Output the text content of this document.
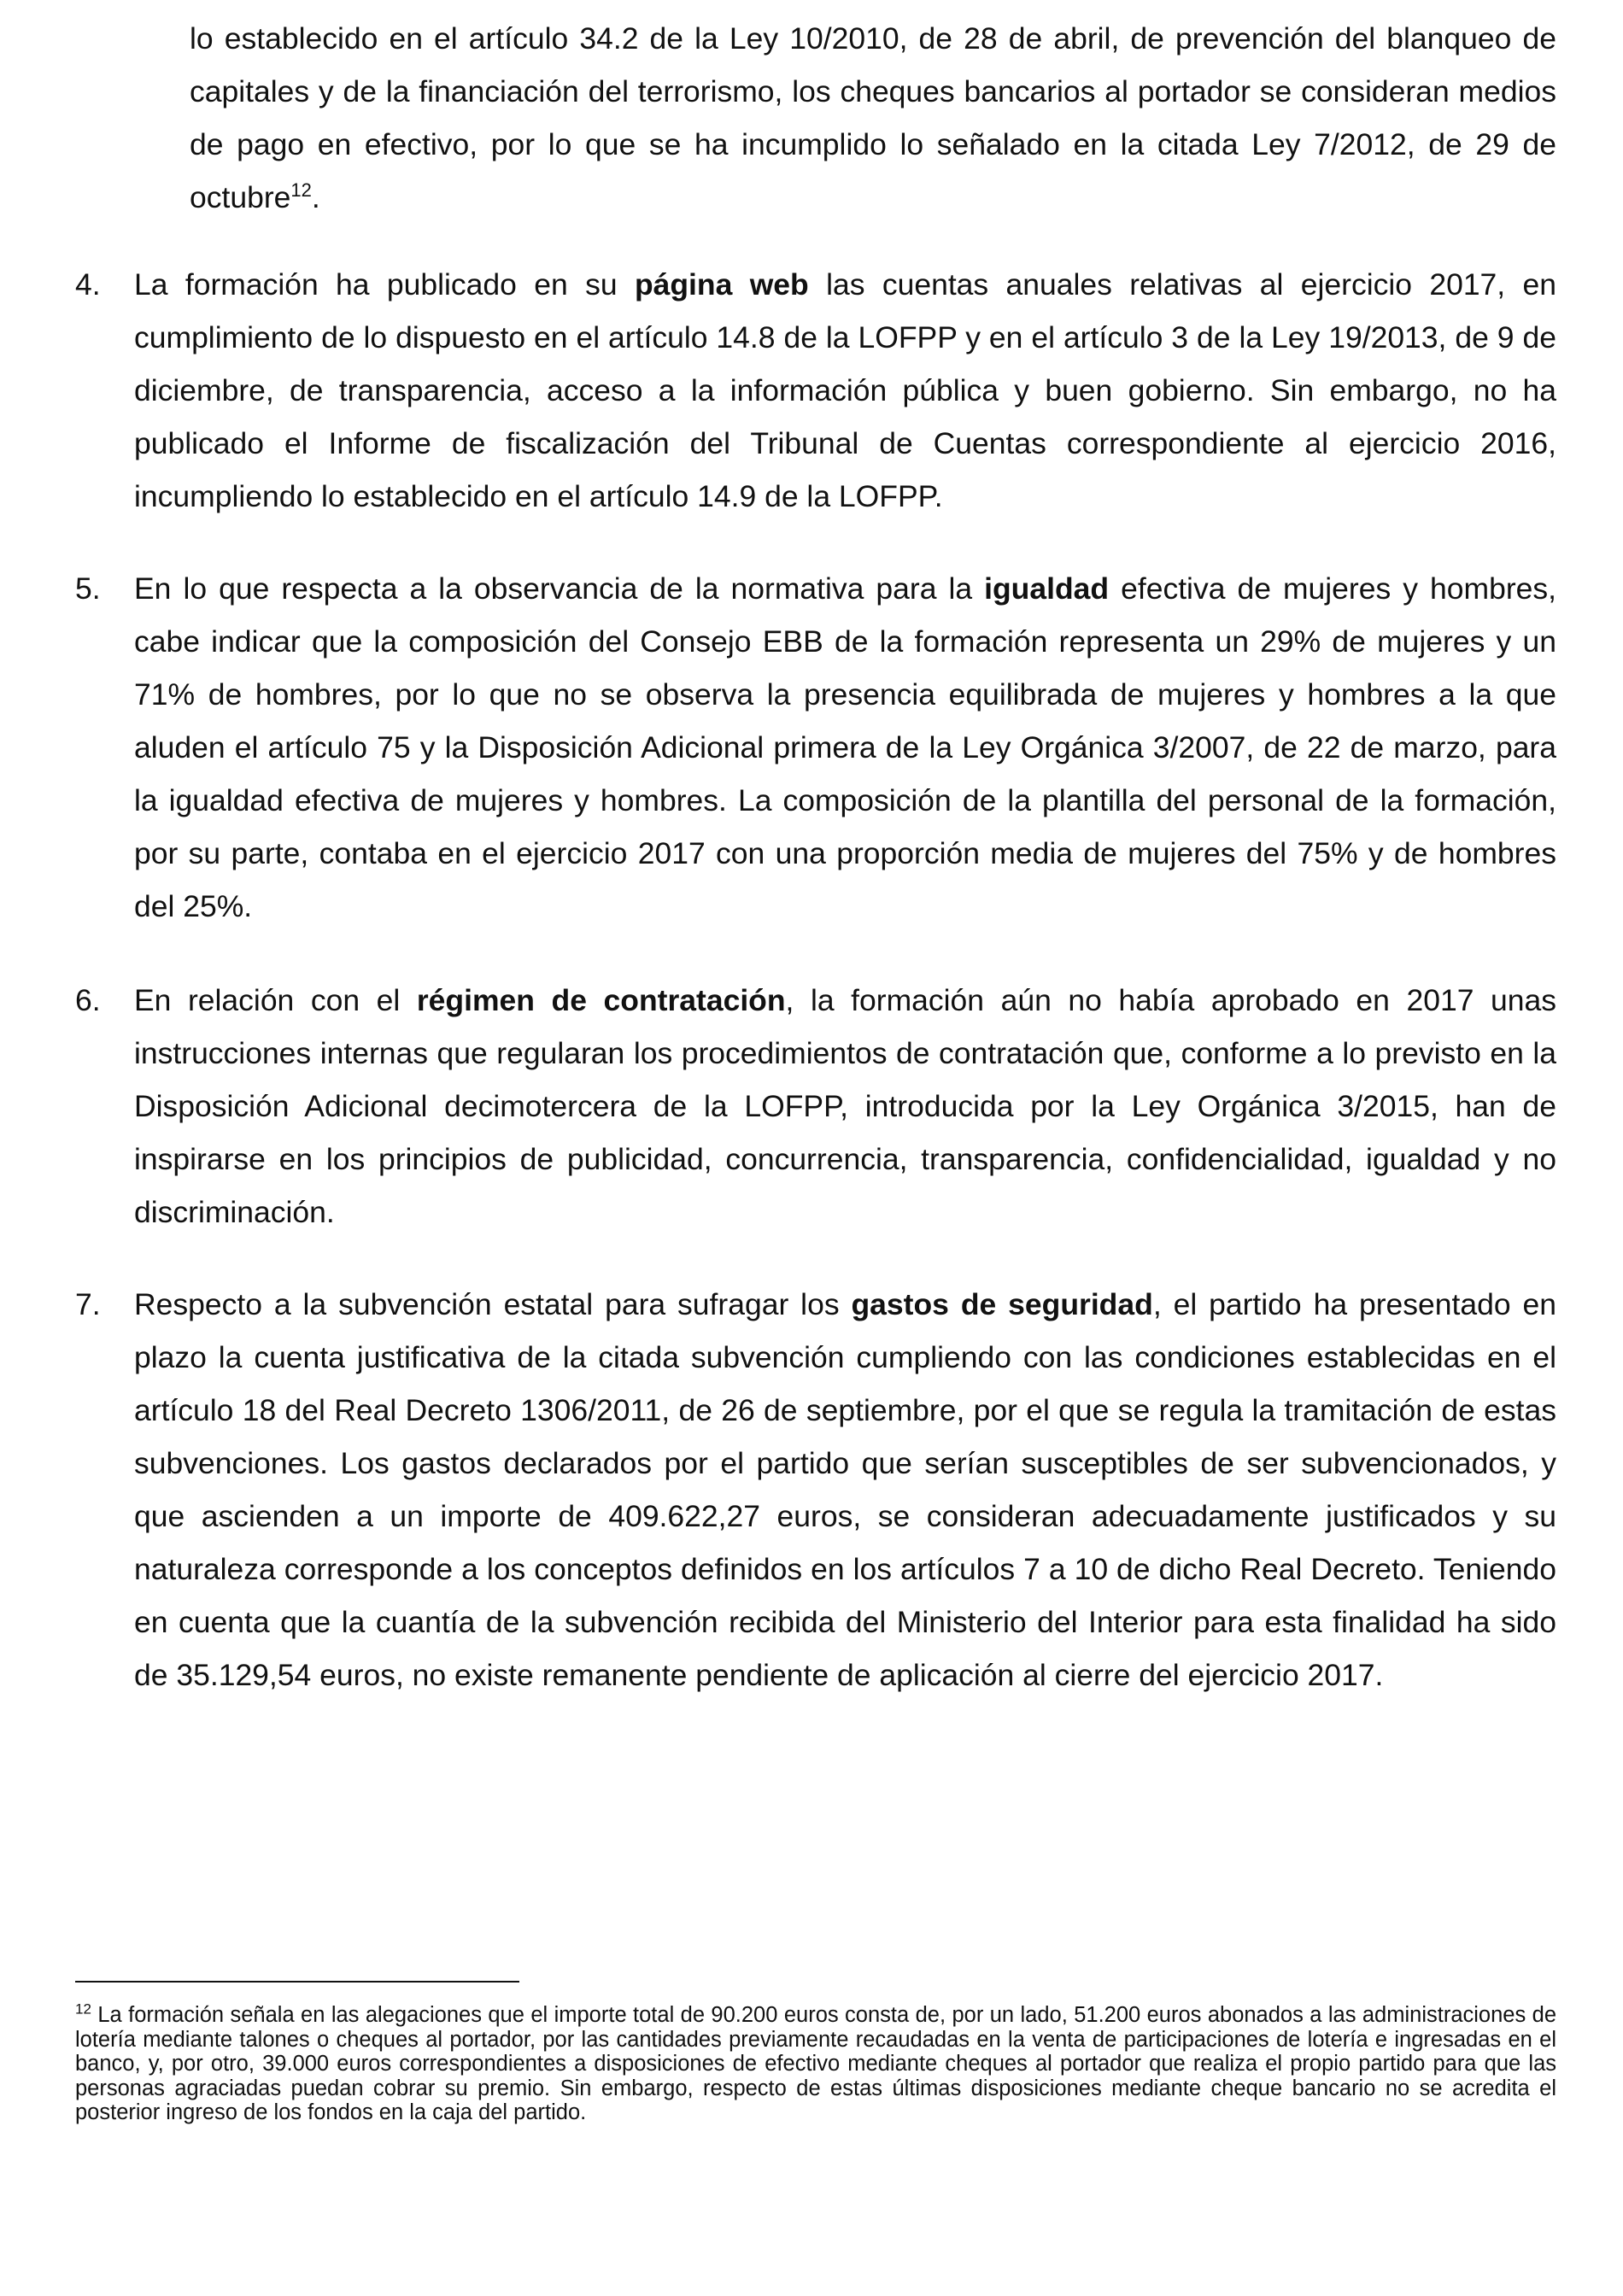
lo establecido en el artículo 34.2 de la Ley 10/2010, de 28 de abril, de prevención del blanqueo de capitales y de la financiación del terrorismo, los cheques bancarios al portador se consideran medios de pago en efectivo, por lo que se ha incumplido lo señalado en la citada Ley 7/2012, de 29 de octubre$^{12}$.

4. La formación ha publicado en su página web las cuentas anuales relativas al ejercicio 2017, en cumplimiento de lo dispuesto en el artículo 14.8 de la LOFPP y en el artículo 3 de la Ley 19/2013, de 9 de diciembre, de transparencia, acceso a la información pública y buen gobierno. Sin embargo, no ha publicado el Informe de fiscalización del Tribunal de Cuentas correspondiente al ejercicio 2016, incumpliendo lo establecido en el artículo 14.9 de la LOFPP.

5. En lo que respecta a la observancia de la normativa para la igualdad efectiva de mujeres y hombres, cabe indicar que la composición del Consejo EBB de la formación representa un 29% de mujeres y un 71% de hombres, por lo que no se observa la presencia equilibrada de mujeres y hombres a la que aluden el artículo 75 y la Disposición Adicional primera de la Ley Orgánica 3/2007, de 22 de marzo, para la igualdad efectiva de mujeres y hombres. La composición de la plantilla del personal de la formación, por su parte, contaba en el ejercicio 2017 con una proporción media de mujeres del 75% y de hombres del 25%.

6. En relación con el régimen de contratación, la formación aún no había aprobado en 2017 unas instrucciones internas que regularan los procedimientos de contratación que, conforme a lo previsto en la Disposición Adicional decimotercera de la LOFPP, introducida por la Ley Orgánica 3/2015, han de inspirarse en los principios de publicidad, concurrencia, transparencia, confidencialidad, igualdad y no discriminación.

7. Respecto a la subvención estatal para sufragar los gastos de seguridad, el partido ha presentado en plazo la cuenta justificativa de la citada subvención cumpliendo con las condiciones establecidas en el artículo 18 del Real Decreto 1306/2011, de 26 de septiembre, por el que se regula la tramitación de estas subvenciones. Los gastos declarados por el partido que serían susceptibles de ser subvencionados, y que ascienden a un importe de 409.622,27 euros, se consideran adecuadamente justificados y su naturaleza corresponde a los conceptos definidos en los artículos 7 a 10 de dicho Real Decreto. Teniendo en cuenta que la cuantía de la subvención recibida del Ministerio del Interior para esta finalidad ha sido de 35.129,54 euros, no existe remanente pendiente de aplicación al cierre del ejercicio 2017.

$^{12}$ La formación señala en las alegaciones que el importe total de 90.200 euros consta de, por un lado, 51.200 euros abonados a las administraciones de lotería mediante talones o cheques al portador, por las cantidades previamente recaudadas en la venta de participaciones de lotería e ingresadas en el banco, y, por otro, 39.000 euros correspondientes a disposiciones de efectivo mediante cheques al portador que realiza el propio partido para que las personas agraciadas puedan cobrar su premio. Sin embargo, respecto de estas últimas disposiciones mediante cheque bancario no se acredita el posterior ingreso de los fondos en la caja del partido.
